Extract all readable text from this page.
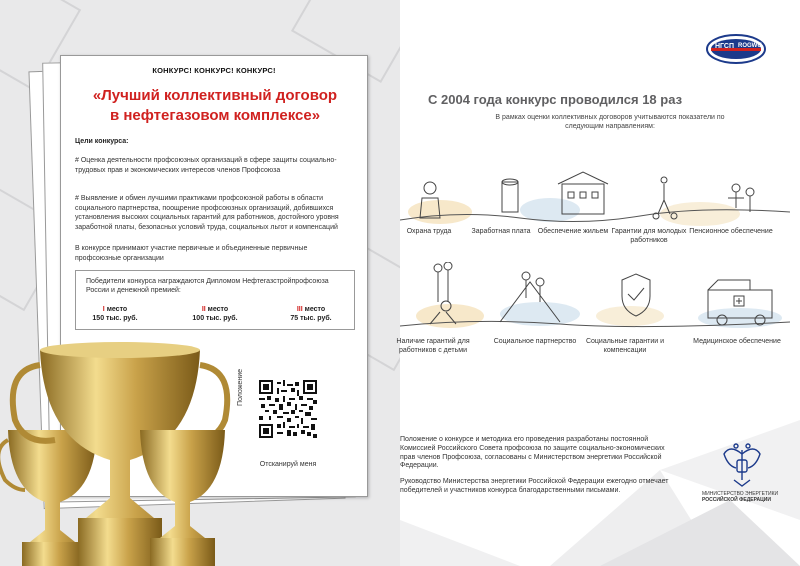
КОНКУРС! КОНКУРС! КОНКУРС!
«Лучший коллективный договор
в нефтегазовом комплексе»
Цели конкурса:
# Оценка деятельности профсоюзных организаций в сфере защиты социально-трудовых прав и экономических интересов членов Профсоюза
# Выявление и обмен лучшими практиками профсоюзной работы в области социального партнерства, поощрение профсоюзных организаций, добившихся установления высоких социальных гарантий для работников, достойного уровня заработной платы, безопасных условий труда, социальных льгот и компенсаций
В конкурсе принимают участие первичные и объединенные первичные профсоюзные организации
Победители конкурса награждаются Дипломом Нефтегазстройпрофсоюза России и денежной премией:
I место
150 тыс. руб.
II место
100 тыс. руб.
III место
75 тыс. руб.
Положение
Отсканируй меня
НГСП ROGWU
С 2004 года конкурс проводился 18 раз
В рамках оценки коллективных договоров учитываются показатели по следующим направлениям:
Охрана труда	Заработная плата	Обеспечение жильем Гарантии для молодых работников
Пенсионное обеспечение
Наличие гарантий для работников с детьми
Социальное партнерство	Социальные гарантии и компенсации
Медицинское обеспечение
Положение о конкурсе и методика его проведения разработаны постоянной Комиссией Российского Совета профсоюза по защите социально-экономических прав членов Профсоюза, согласованы с Министерством энергетики Российской Федерации.
Руководство Министерства энергетики Российской Федерации ежегодно отмечает победителей и участников конкурса благодарственными письмами.
МИНИСТЕРСТВО ЭНЕРГЕТИКИ
РОССИЙСКОЙ ФЕДЕРАЦИИ
